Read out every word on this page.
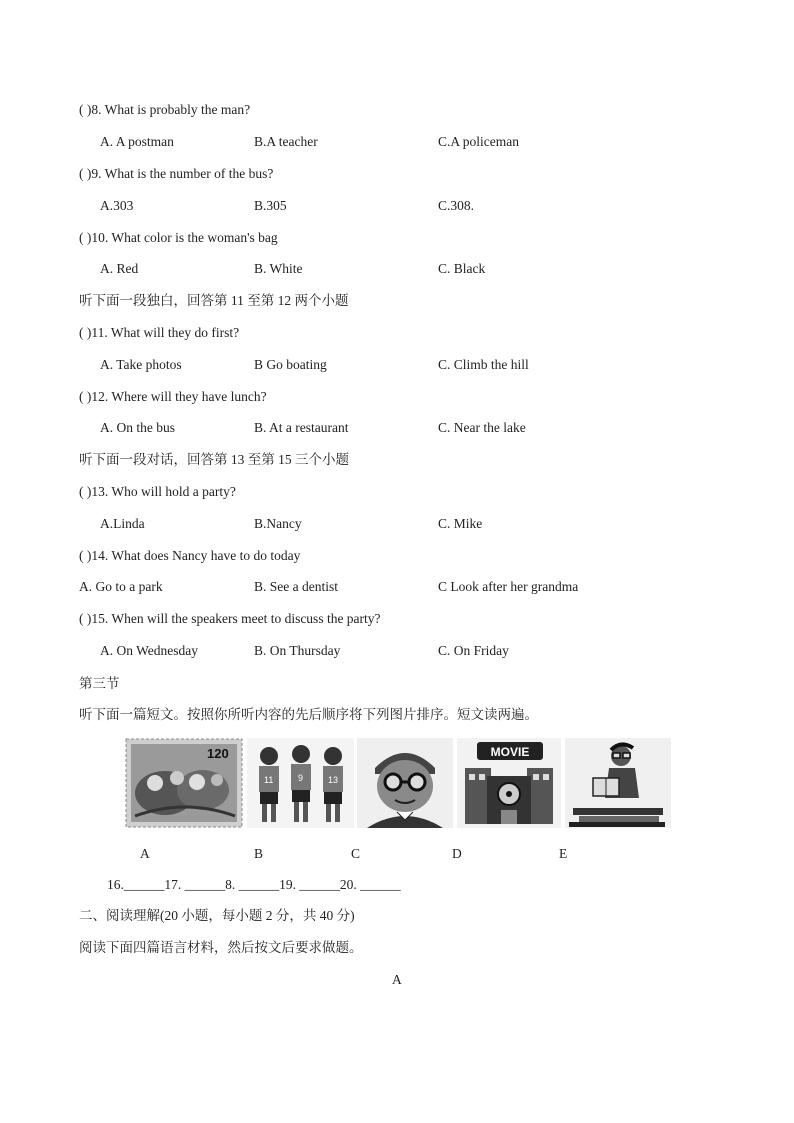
( )8. What is probably the man?
A. A postman	B.A teacher	C.A policeman
( )9. What is the number of the bus?
A.303	B.305	C.308.
( )10. What color is the woman's bag
A. Red	B. White	C. Black
听下面一段独白，回答第 11 至第 12 两个小题
( )11. What will they do first?
A. Take photos	B Go boating	C. Climb the hill
( )12. Where will they have lunch?
A. On the bus	B. At a restaurant	C. Near the lake
听下面一段对话，回答第 13 至第 15 三个小题
( )13. Who will hold a party?
A.Linda	B.Nancy	C. Mike
( )14. What does Nancy have to do today
A. Go to a park	B. See a dentist	C Look after her grandma
( )15. When will the speakers meet to discuss the party?
A. On Wednesday	B. On Thursday	C. On Friday
第三节
听下面一篇短文。按照你所听内容的先后顺序将下列图片排序。短文读两遍。
120
11	9	13
MOVIE
A	B	C	D	E
16.______17. ______8. ______19. ______20. ______
二、阅读理解(20 小题，每小题 2 分，共 40 分)
阅读下面四篇语言材料，然后按文后要求做题。
A
